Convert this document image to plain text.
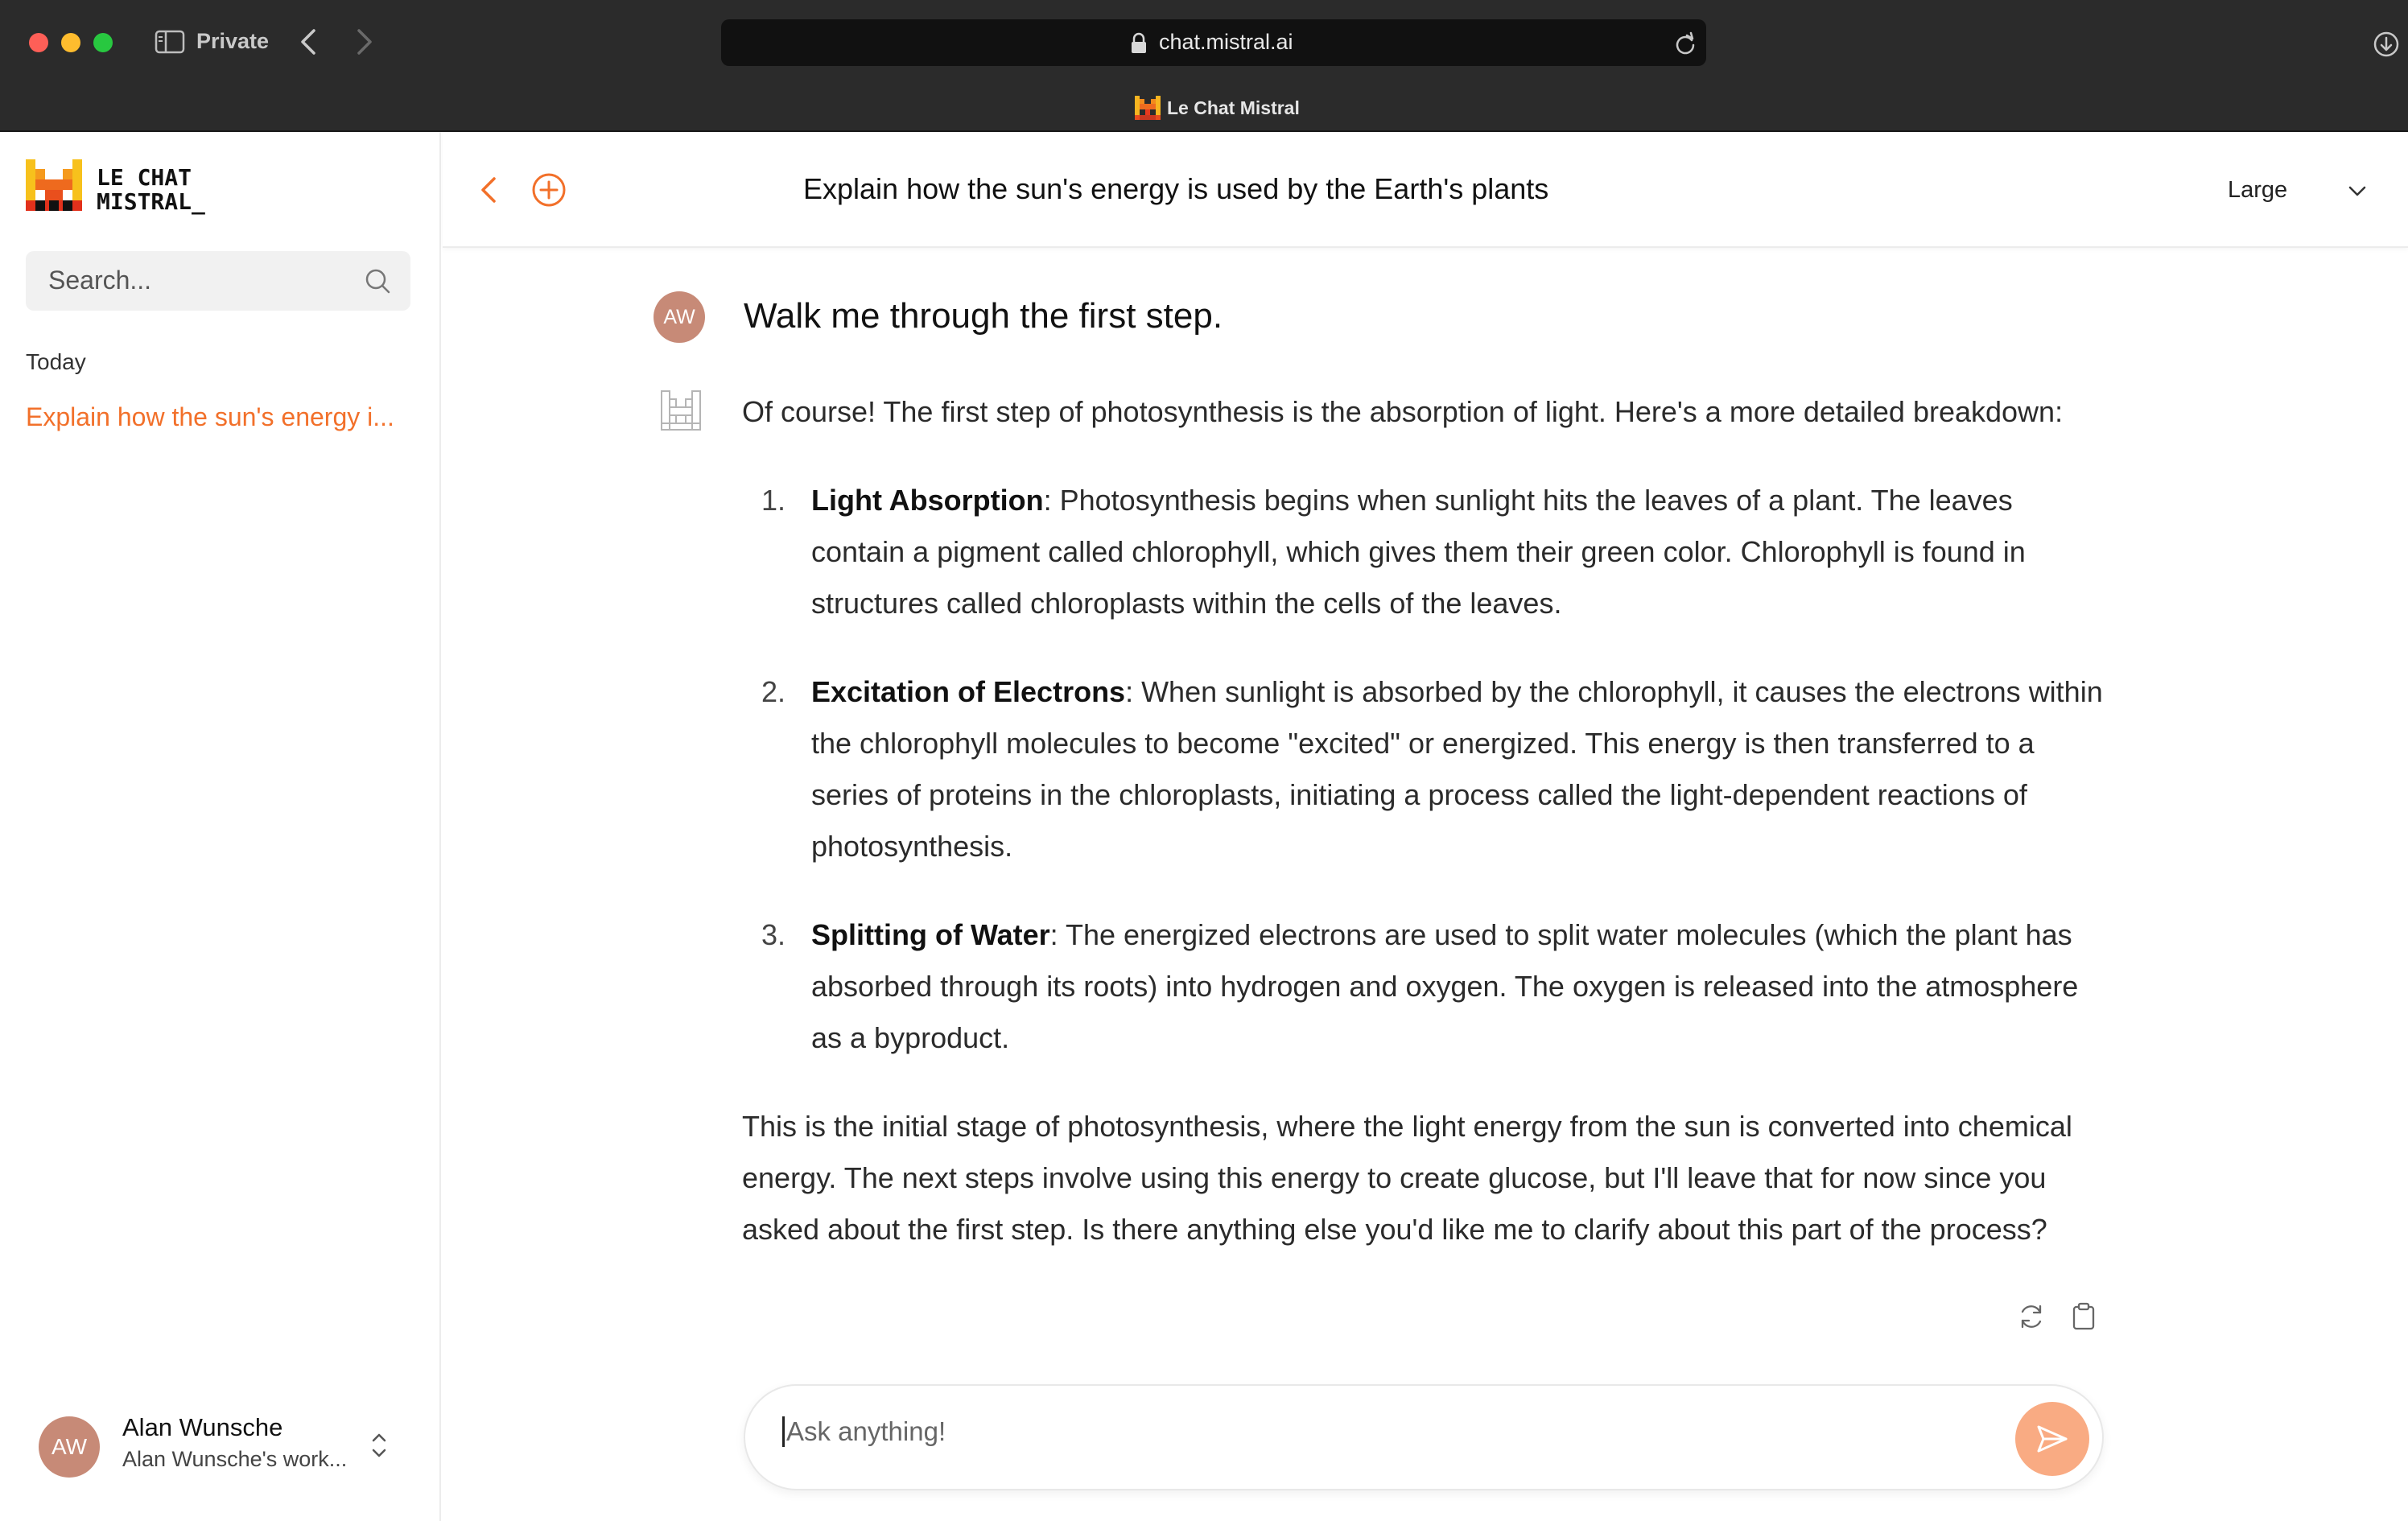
Private	chat.mistral.ai
Le Chat Mistral
LE CHAT
MISTRAL_
Search...
Today
Explain how the sun's energy i...
AW
Alan Wunsche
Alan Wunsche's work...
Explain how the sun's energy is used by the Earth's plants	Large
AW Walk me through the first step.

Of course! The first step of photosynthesis is the absorption of light. Here's a more detailed breakdown:

1. Light Absorption: Photosynthesis begins when sunlight hits the leaves of a plant. The leaves contain a pigment called chlorophyll, which gives them their green color. Chlorophyll is found in structures called chloroplasts within the cells of the leaves.
2. Excitation of Electrons: When sunlight is absorbed by the chlorophyll, it causes the electrons within the chlorophyll molecules to become "excited" or energized. This energy is then transferred to a series of proteins in the chloroplasts, initiating a process called the light-dependent reactions of photosynthesis.
3. Splitting of Water: The energized electrons are used to split water molecules (which the plant has absorbed through its roots) into hydrogen and oxygen. The oxygen is released into the atmosphere as a byproduct.

This is the initial stage of photosynthesis, where the light energy from the sun is converted into chemical energy. The next steps involve using this energy to create glucose, but I'll leave that for now since you asked about the first step. Is there anything else you'd like me to clarify about this part of the process?

Ask anything!
